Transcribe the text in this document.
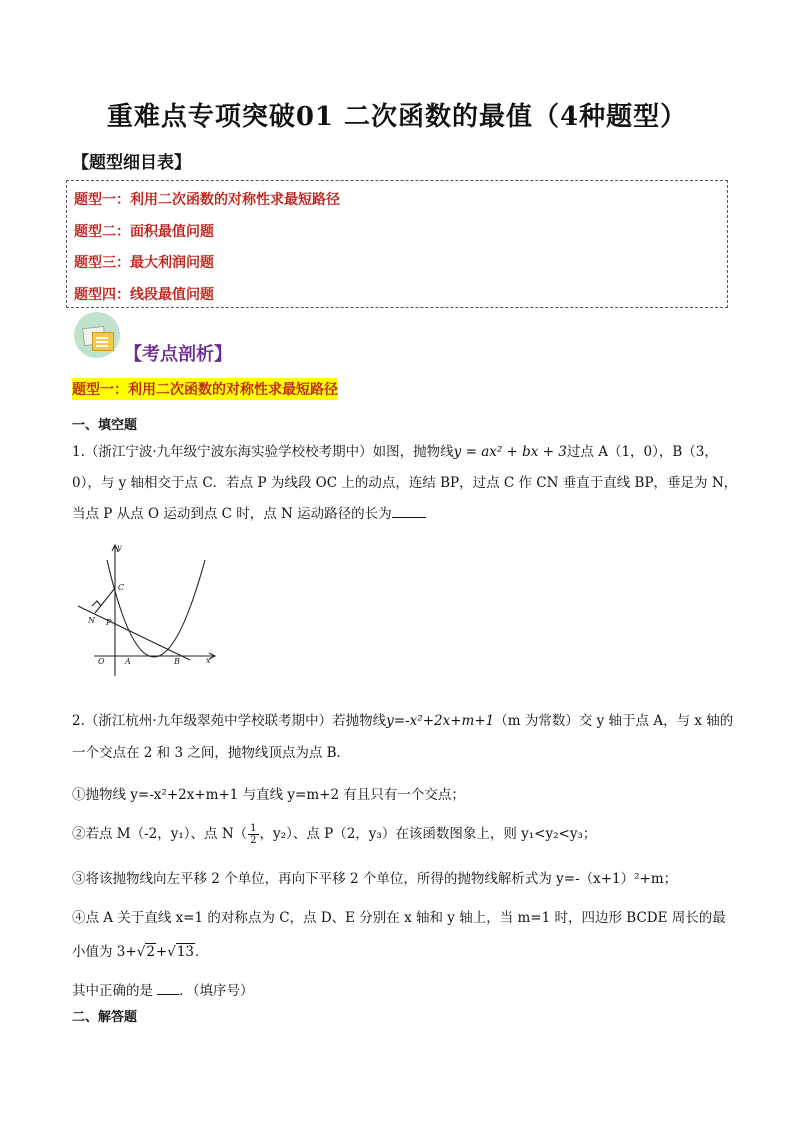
重难点专项突破01 二次函数的最值（4种题型）
【题型细目表】
题型一：利用二次函数的对称性求最短路径
题型二：面积最值问题
题型三：最大利润问题
题型四：线段最值问题
【考点剖析】
题型一：利用二次函数的对称性求最短路径
一、填空题
1.（浙江宁波·九年级宁波东海实验学校校考期中）如图，抛物线y = ax² + bx + 3过点 A（1，0），B（3，
0），与 y 轴相交于点 C．若点 P 为线段 OC 上的动点，连结 BP，过点 C 作 CN 垂直于直线 BP，垂足为 N，
当点 P 从点 O 运动到点 C 时，点 N 运动路径的长为
y
C
N P
O	A	B	x
2.（浙江杭州·九年级翠苑中学校联考期中）若抛物线y=-x²+2x+m+1（m 为常数）交 y 轴于点 A，与 x 轴的
一个交点在 2 和 3 之间，抛物线顶点为点 B．
①抛物线 y=-x²+2x+m+1 与直线 y=m+2 有且只有一个交点；
②若点 M（-2，y₁）、点 $N( \frac{1}{2}$ ，y₂）、点 P（2，y₃）在该函数图象上，则 y₁<y₂<y₃；
③将该抛物线向左平移 2 个单位，再向下平移 2 个单位，所得的抛物线解析式为 y=-（x+1）²+m；
④点 A 关于直线 x=1 的对称点为 C，点 D、E 分别在 x 轴和 y 轴上，当 m=1 时，四边形 BCDE 周长的最
小值为 3+√2+√13．
其中正确的是 ．（填序号）
二、解答题
